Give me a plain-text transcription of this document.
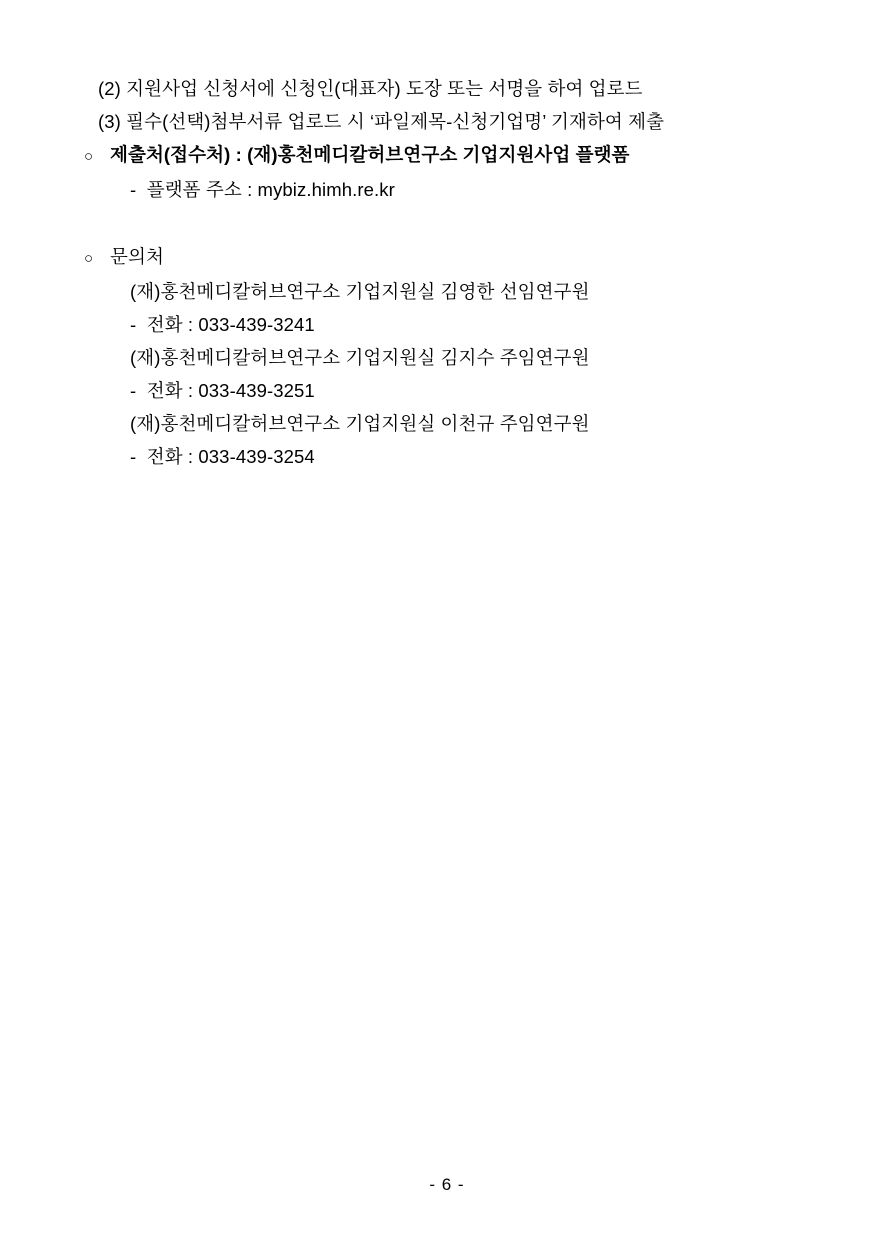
(2) 지원사업 신청서에 신청인(대표자) 도장 또는 서명을 하여 업로드
(3) 필수(선택)첨부서류 업로드 시 ‘파일제목-신청기업명’ 기재하여 제출
○ 제출처(접수처) : (재)홍천메디칼허브연구소 기업지원사업 플랫폼
-  플랫폼 주소 : mybiz.himh.re.kr
○ 문의처
(재)홍천메디칼허브연구소 기업지원실 김영한 선임연구원
-  전화 : 033-439-3241
(재)홍천메디칼허브연구소 기업지원실 김지수 주임연구원
-  전화 : 033-439-3251
(재)홍천메디칼허브연구소 기업지원실 이천규 주임연구원
-  전화 : 033-439-3254
- 6 -
